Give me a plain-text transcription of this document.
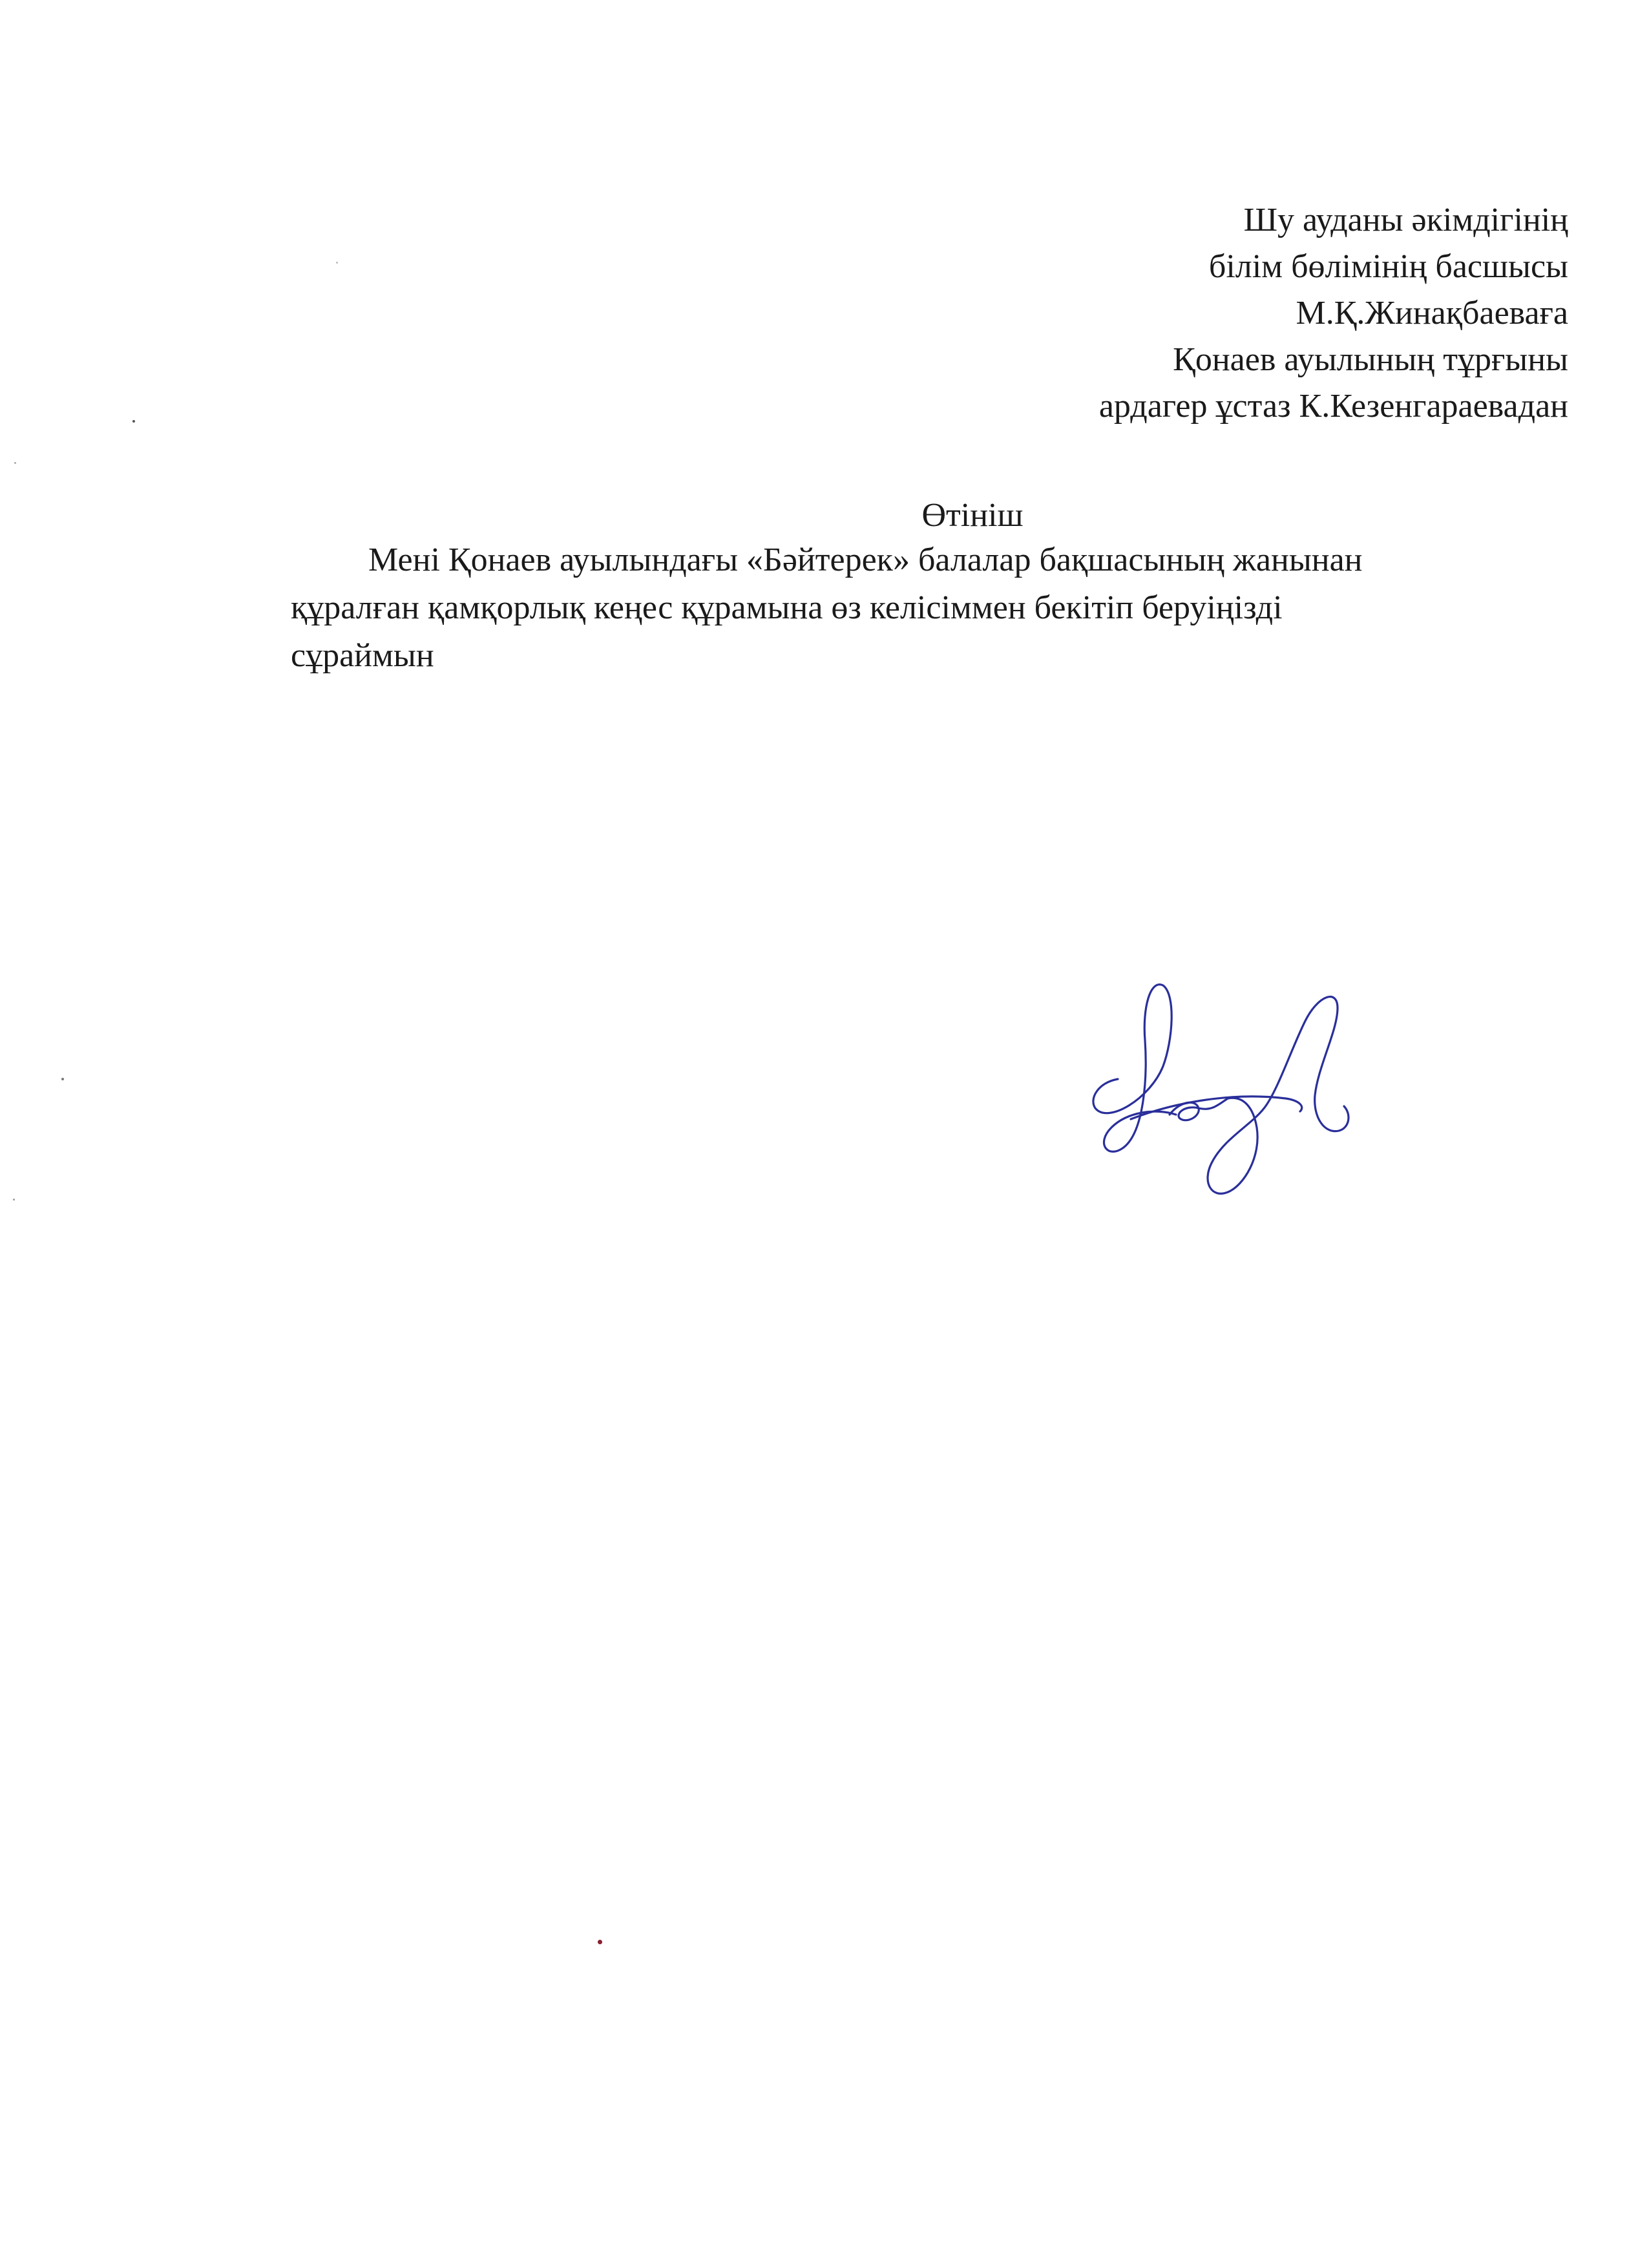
Шу ауданы әкімдігінің
білім бөлімінің басшысы
М.Қ.Жинақбаеваға
Қонаев ауылының тұрғыны
ардагер ұстаз К.Кезенгараевадан
Өтініш
Мені Қонаев ауылындағы «Бәйтерек» балалар бақшасының жанынан
құралған қамқорлық кеңес құрамына өз келісіммен бекітіп беруіңізді
сұраймын
